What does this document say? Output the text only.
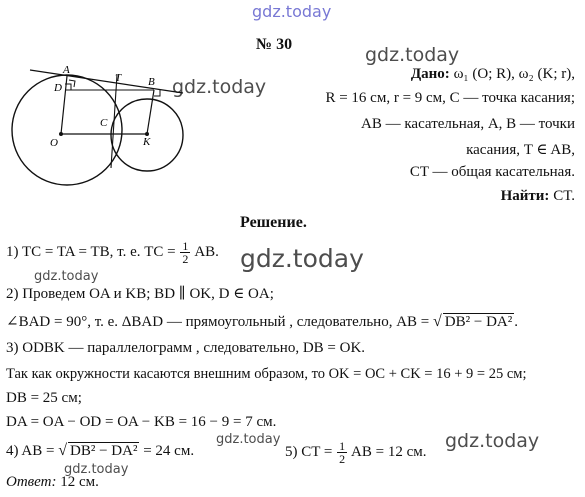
gdz.today
gdz.today
gdz.today
№ 30
A
T B
D
C
O	K
Дано: ω₁ (O; R), ω₂ (K; r),
R = 16 см, r = 9 см, C — точка касания;
AB — касательная, A, B — точки
касания, T ∈ AB,
CT — общая касательная.
Найти: CT.
Решение.
1) TC = TA = TB, т. е. TC = $\frac{1}{2}$ AB.
gdz.today
gdz.today
2) Проведем OA и KB; BD ∥ OK, D ∈ OA;
∠BAD = 90°, т. е. ΔBAD — прямоугольный , следовательно, AB = √ DB² − DA² .
3) ODBK — параллелограмм , следовательно, DB = OK.
Так как окружности касаются внешним образом, то OK = OC + CK = 16 + 9 = 25 см;
DB = 25 см;
DA = OA − OD = OA − KB = 16 − 9 = 7 см.
gdz.today	gdz.today
4) AB = √ DB² − DA² = 24 см.	5) CT = $\frac{1}{2}$ AB = 12 см.
gdz.today
Ответ: 12 см.
